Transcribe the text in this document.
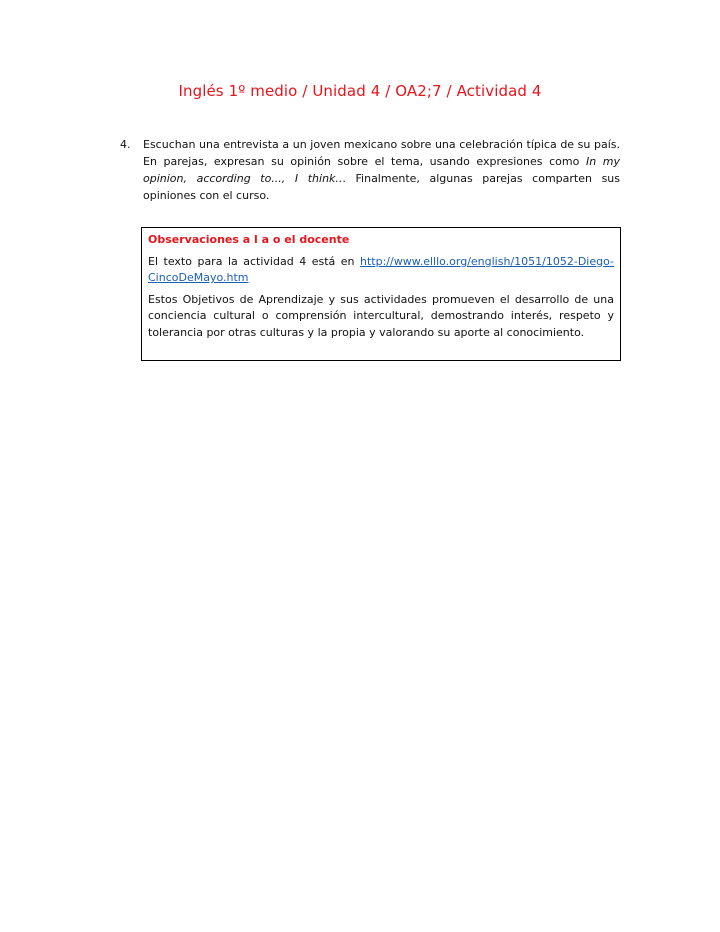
Inglés 1º medio / Unidad 4 / OA2;7 / Actividad 4
4. Escuchan una entrevista a un joven mexicano sobre una celebración típica de su país. En parejas, expresan su opinión sobre el tema, usando expresiones como In my opinion, according to..., I think... Finalmente, algunas parejas comparten sus opiniones con el curso.
Observaciones a l a o el docente
El texto para la actividad 4 está en http://www.elllo.org/english/1051/1052-Diego-CincoDeMayo.htm
Estos Objetivos de Aprendizaje y sus actividades promueven el desarrollo de una conciencia cultural o comprensión intercultural, demostrando interés, respeto y tolerancia por otras culturas y la propia y valorando su aporte al conocimiento.
